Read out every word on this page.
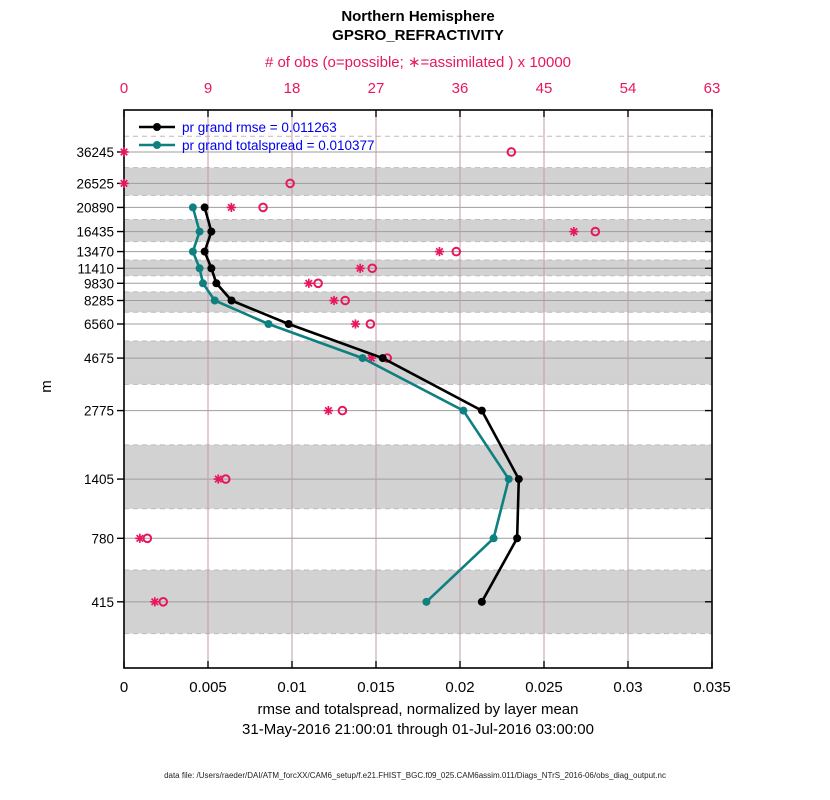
0	9	18	27	36	45	54	63
0	0.005	0.01	0.015	0.02	0.025	0.03	0.035
36245
26525
20890
16435
13470
11410
9830
8285
6560
4675
2775
1405
780
415
Northern Hemisphere
GPSRO_REFRACTIVITY
# of obs (o=possible; ∗=assimilated ) x 10000
pr grand rmse = 0.011263
pr grand totalspread = 0.010377
m
rmse and totalspread, normalized by layer mean
31-May-2016 21:00:01 through 01-Jul-2016 03:00:00
data file: /Users/raeder/DAI/ATM_forcXX/CAM6_setup/f.e21.FHIST_BGC.f09_025.CAM6assim.011/Diags_NTrS_2016-06/obs_diag_output.nc
